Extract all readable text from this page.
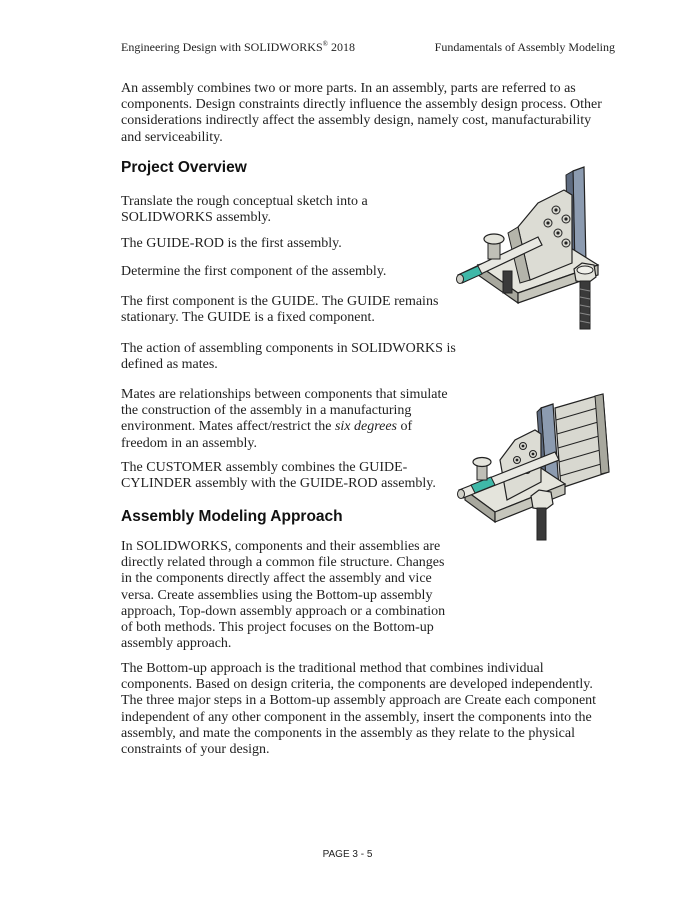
Engineering Design with SOLIDWORKS® 2018	Fundamentals of Assembly Modeling

An assembly combines two or more parts. In an assembly, parts are referred to as components. Design constraints directly influence the assembly design process. Other considerations indirectly affect the assembly design, namely cost, manufacturability and serviceability.

Project Overview

Translate the rough conceptual sketch into a SOLIDWORKS assembly.

The GUIDE-ROD is the first assembly.

Determine the first component of the assembly.

The first component is the GUIDE. The GUIDE remains stationary. The GUIDE is a fixed component.

The action of assembling components in SOLIDWORKS is defined as mates.

Mates are relationships between components that simulate the construction of the assembly in a manufacturing environment. Mates affect/restrict the six degrees of freedom in an assembly.

The CUSTOMER assembly combines the GUIDE-CYLINDER assembly with the GUIDE-ROD assembly.

Assembly Modeling Approach

In SOLIDWORKS, components and their assemblies are directly related through a common file structure. Changes in the components directly affect the assembly and vice versa. Create assemblies using the Bottom-up assembly approach, Top-down assembly approach or a combination of both methods. This project focuses on the Bottom-up assembly approach.

The Bottom-up approach is the traditional method that combines individual components. Based on design criteria, the components are developed independently. The three major steps in a Bottom-up assembly approach are Create each component independent of any other component in the assembly, insert the components into the assembly, and mate the components in the assembly as they relate to the physical constraints of your design.

PAGE 3 - 5
